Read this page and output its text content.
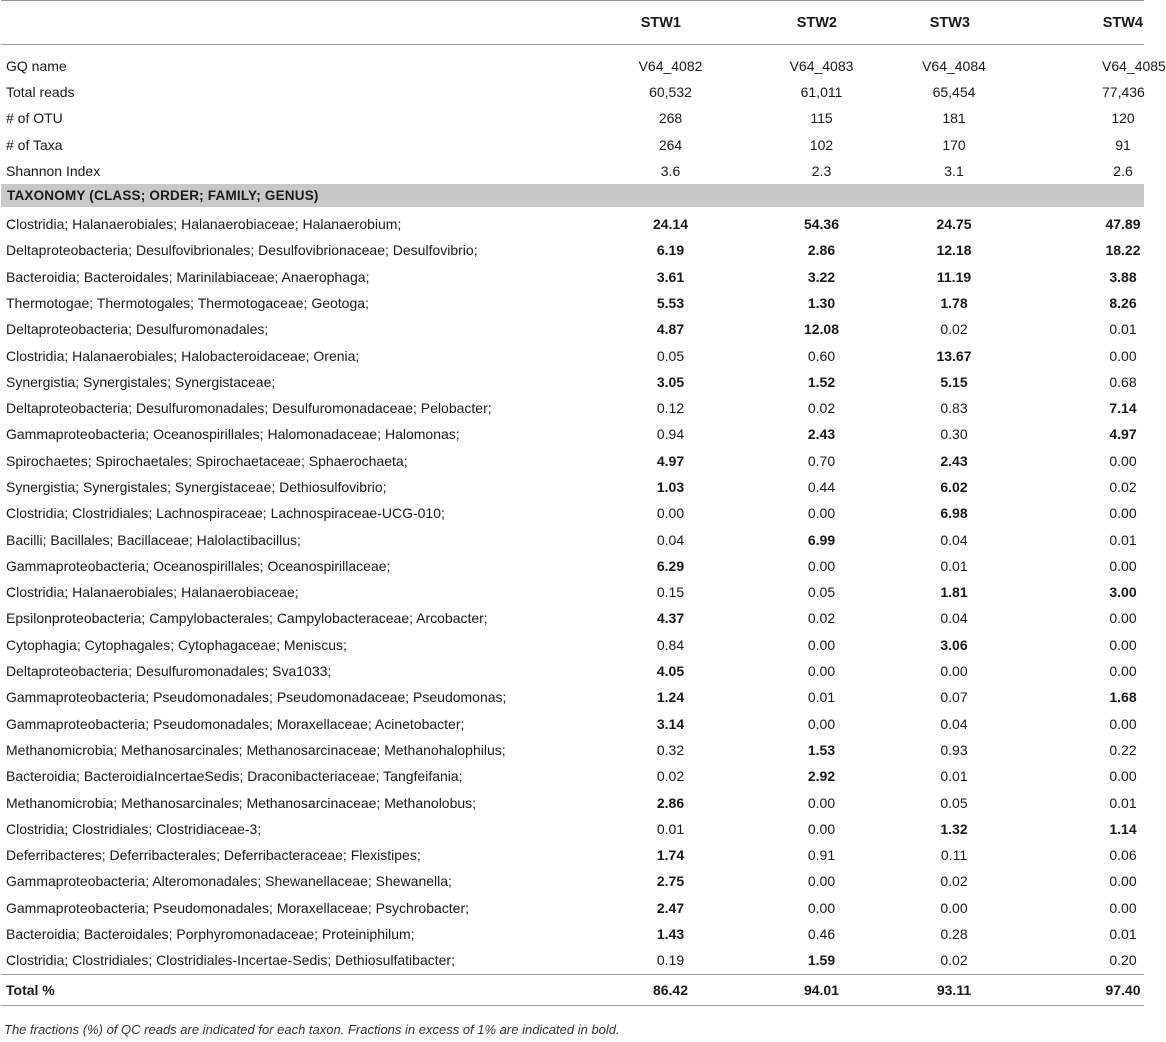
	STW1	STW2	STW3	STW4
GQ name	V64_4082	V64_4083	V64_4084	V64_4085
Total reads	60,532	61,011	65,454	77,436
# of OTU	268	115	181	120
# of Taxa	264	102	170	91
Shannon Index	3.6	2.3	3.1	2.6
TAXONOMY (CLASS; ORDER; FAMILY; GENUS)				
Clostridia; Halanaerobiales; Halanaerobiaceae; Halanaerobium;	24.14	54.36	24.75	47.89
Deltaproteobacteria; Desulfovibrionales; Desulfovibrionaceae; Desulfovibrio;	6.19	2.86	12.18	18.22
Bacteroidia; Bacteroidales; Marinilabiaceae; Anaerophaga;	3.61	3.22	11.19	3.88
Thermotogae; Thermotogales; Thermotogaceae; Geotoga;	5.53	1.30	1.78	8.26
Deltaproteobacteria; Desulfuromonadales;	4.87	12.08	0.02	0.01
Clostridia; Halanaerobiales; Halobacteroidaceae; Orenia;	0.05	0.60	13.67	0.00
Synergistia; Synergistales; Synergistaceae;	3.05	1.52	5.15	0.68
Deltaproteobacteria; Desulfuromonadales; Desulfuromonadaceae; Pelobacter;	0.12	0.02	0.83	7.14
Gammaproteobacteria; Oceanospirillales; Halomonadaceae; Halomonas;	0.94	2.43	0.30	4.97
Spirochaetes; Spirochaetales; Spirochaetaceae; Sphaerochaeta;	4.97	0.70	2.43	0.00
Synergistia; Synergistales; Synergistaceae; Dethiosulfovibrio;	1.03	0.44	6.02	0.02
Clostridia; Clostridiales; Lachnospiraceae; Lachnospiraceae-UCG-010;	0.00	0.00	6.98	0.00
Bacilli; Bacillales; Bacillaceae; Halolactibacillus;	0.04	6.99	0.04	0.01
Gammaproteobacteria; Oceanospirillales; Oceanospirillaceae;	6.29	0.00	0.01	0.00
Clostridia; Halanaerobiales; Halanaerobiaceae;	0.15	0.05	1.81	3.00
Epsilonproteobacteria; Campylobacterales; Campylobacteraceae; Arcobacter;	4.37	0.02	0.04	0.00
Cytophagia; Cytophagales; Cytophagaceae; Meniscus;	0.84	0.00	3.06	0.00
Deltaproteobacteria; Desulfuromonadales; Sva1033;	4.05	0.00	0.00	0.00
Gammaproteobacteria; Pseudomonadales; Pseudomonadaceae; Pseudomonas;	1.24	0.01	0.07	1.68
Gammaproteobacteria; Pseudomonadales; Moraxellaceae; Acinetobacter;	3.14	0.00	0.04	0.00
Methanomicrobia; Methanosarcinales; Methanosarcinaceae; Methanohalophilus;	0.32	1.53	0.93	0.22
Bacteroidia; BacteroidiaIncertaeSedis; Draconibacteriaceae; Tangfeifania;	0.02	2.92	0.01	0.00
Methanomicrobia; Methanosarcinales; Methanosarcinaceae; Methanolobus;	2.86	0.00	0.05	0.01
Clostridia; Clostridiales; Clostridiaceae-3;	0.01	0.00	1.32	1.14
Deferribacteres; Deferribacterales; Deferribacteraceae; Flexistipes;	1.74	0.91	0.11	0.06
Gammaproteobacteria; Alteromonadales; Shewanellaceae; Shewanella;	2.75	0.00	0.02	0.00
Gammaproteobacteria; Pseudomonadales; Moraxellaceae; Psychrobacter;	2.47	0.00	0.00	0.00
Bacteroidia; Bacteroidales; Porphyromonadaceae; Proteiniphilum;	1.43	0.46	0.28	0.01
Clostridia; Clostridiales; Clostridiales-Incertae-Sedis; Dethiosulfatibacter;	0.19	1.59	0.02	0.20
Total %	86.42	94.01	93.11	97.40
The fractions (%) of QC reads are indicated for each taxon. Fractions in excess of 1% are indicated in bold.
